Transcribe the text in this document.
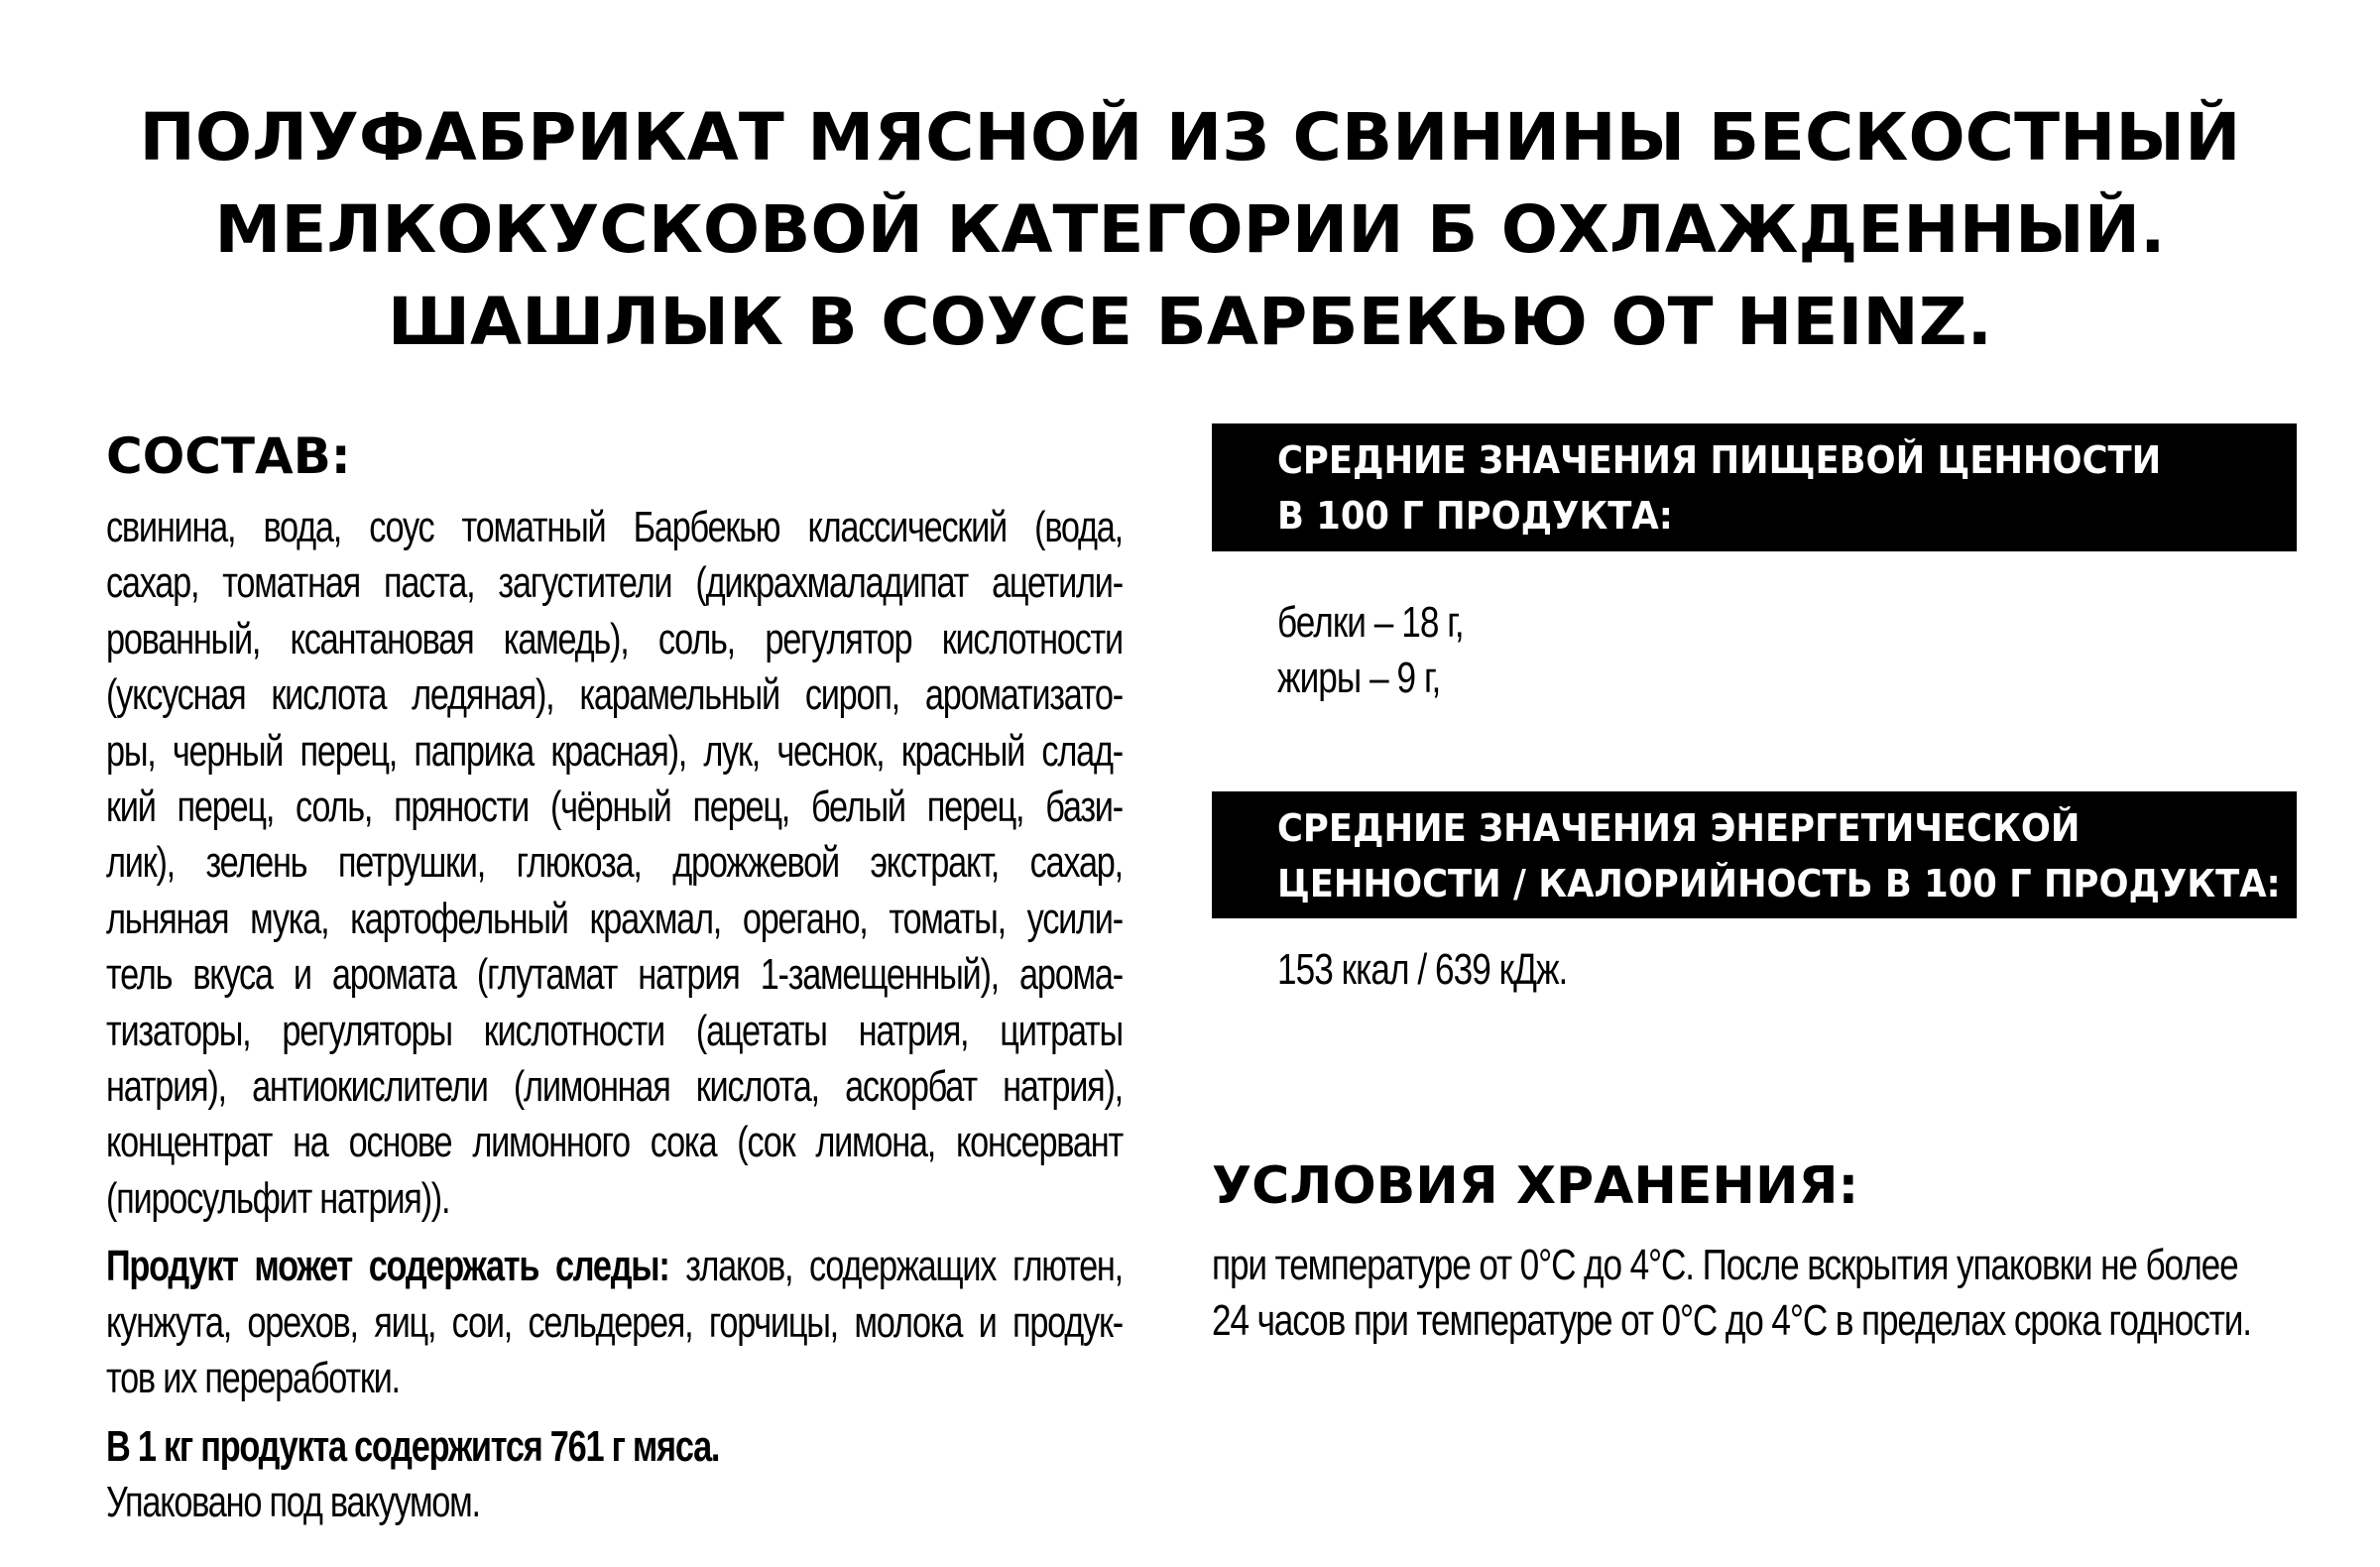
ПОЛУФАБРИКАТ МЯСНОЙ ИЗ СВИНИНЫ БЕСКОСТНЫЙ
МЕЛКОКУСКОВОЙ КАТЕГОРИИ Б ОХЛАЖДЕННЫЙ.
ШАШЛЫК В СОУСЕ БАРБЕКЬЮ ОТ HEINZ.
СОСТАВ:
свинина, вода, соус томатный Барбекью классический (вода,
сахар, томатная паста, загустители (дикрахмаладипат ацетили-
рованный, ксантановая камедь), соль, регулятор кислотности
(уксусная кислота ледяная), карамельный сироп, ароматизато-
ры, черный перец, паприка красная), лук, чеснок, красный слад-
кий перец, соль, пряности (чёрный перец, белый перец, бази-
лик), зелень петрушки, глюкоза, дрожжевой экстракт, сахар,
льняная мука, картофельный крахмал, орегано, томаты, усили-
тель вкуса и аромата (глутамат натрия 1-замещенный), арома-
тизаторы, регуляторы кислотности (ацетаты натрия, цитраты
натрия), антиокислители (лимонная кислота, аскорбат натрия),
концентрат на основе лимонного сока (сок лимона, консервант
(пиросульфит натрия)).
Продукт может содержать следы: злаков, содержащих глютен,
кунжута, орехов, яиц, сои, сельдерея, горчицы, молока и продук-
тов их переработки.
В 1 кг продукта содержится 761 г мяса.
Упаковано под вакуумом.
СРЕДНИЕ ЗНАЧЕНИЯ ПИЩЕВОЙ ЦЕННОСТИ
В 100 Г ПРОДУКТА:
белки – 18 г,
жиры – 9 г,
СРЕДНИЕ ЗНАЧЕНИЯ ЭНЕРГЕТИЧЕСКОЙ
ЦЕННОСТИ / КАЛОРИЙНОСТЬ В 100 Г ПРОДУКТА:
153 ккал / 639 кДж.
УСЛОВИЯ ХРАНЕНИЯ:
при температуре от 0°C до 4°C. После вскрытия упаковки не более
24 часов при температуре от 0°C до 4°C в пределах срока годности.
